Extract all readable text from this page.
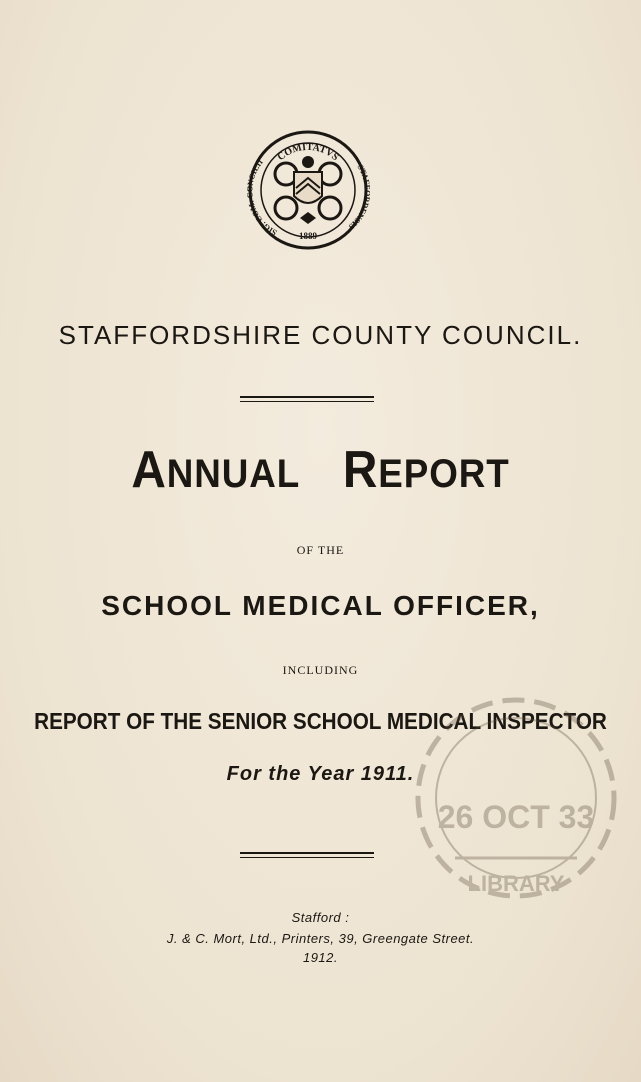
COMITATVS
SIG: COM: CONCILII
STA DENSIS
1889
STAFFORDSHIRE COUNTY COUNCIL.
ANNUAL REPORT
OF THE
SCHOOL MEDICAL OFFICER,
INCLUDING
REPORT OF THE SENIOR SCHOOL MEDICAL INSPECTOR
For the Year 1911.
26 OCT 33
LIBRARY
Stafford :
J. & C. Mort, Ltd., Printers, 39, Greengate Street.
1912.
